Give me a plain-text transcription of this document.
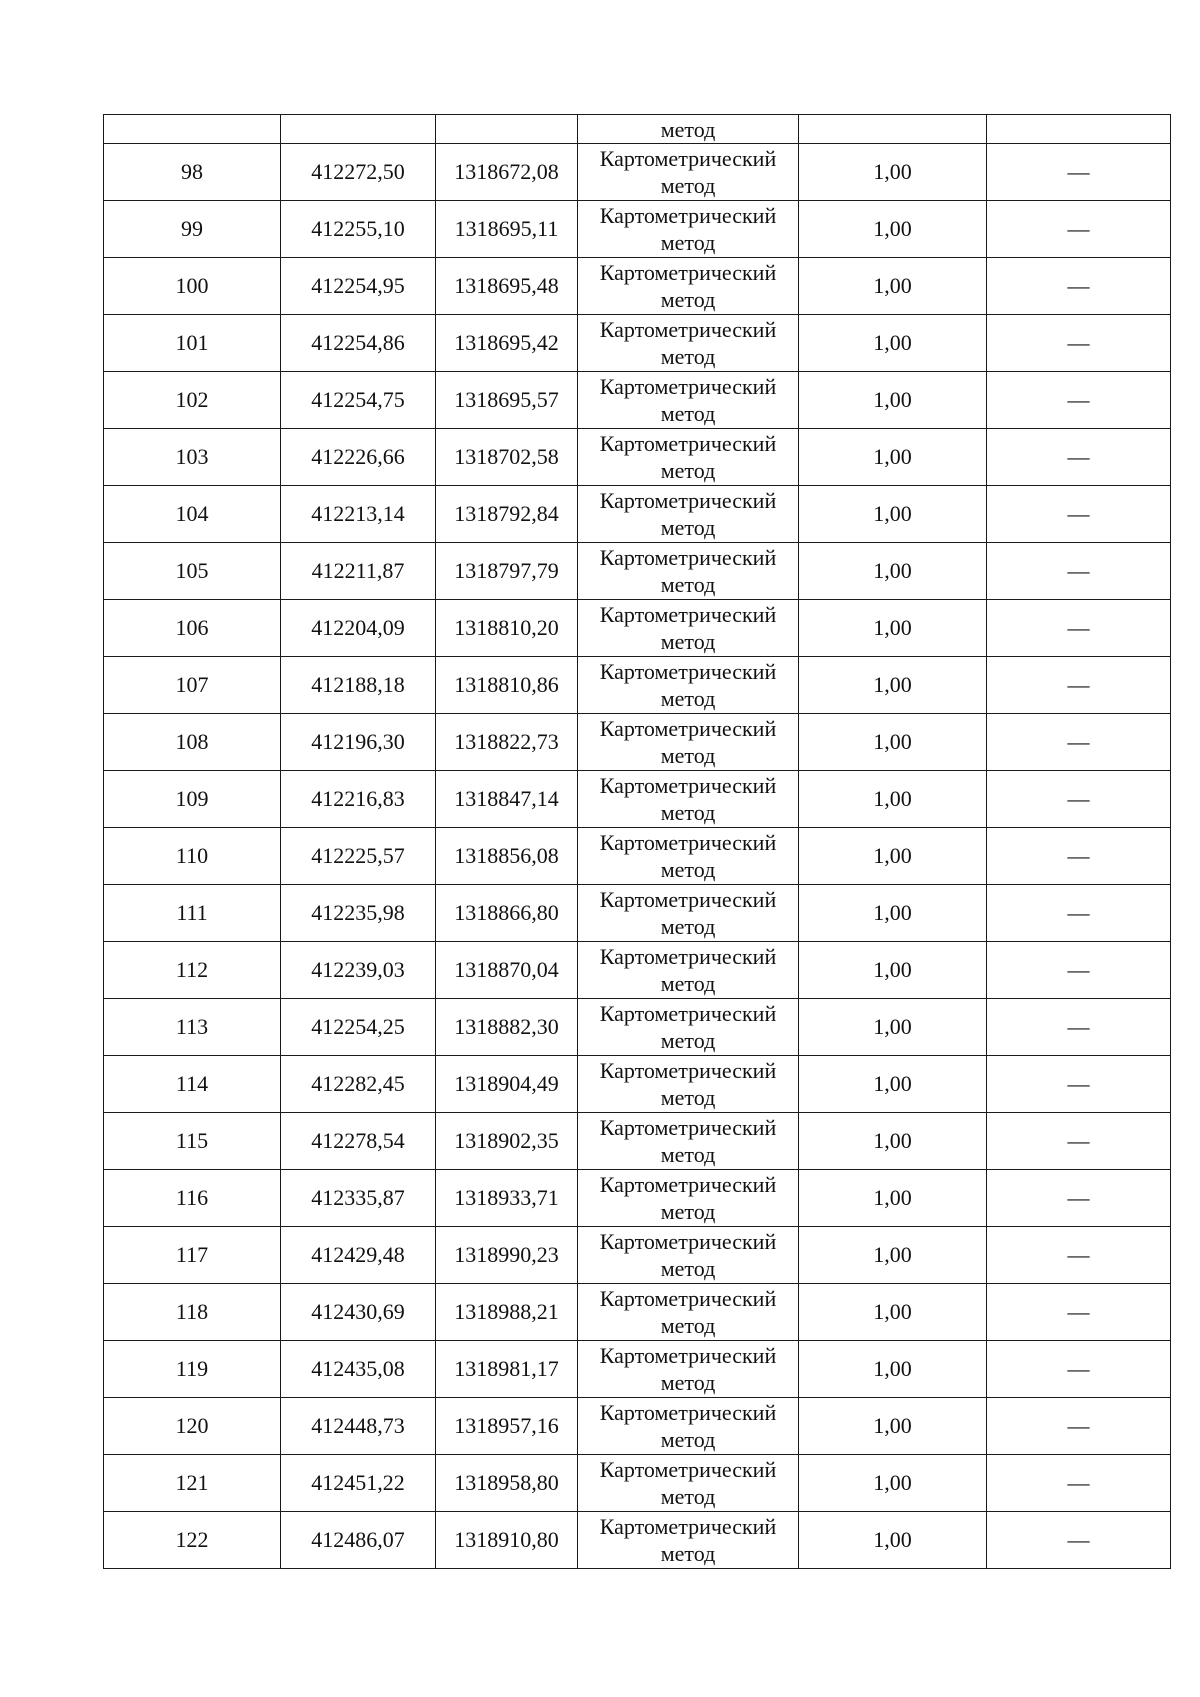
			метод		
98	412272,50	1318672,08	Картометрический метод	1,00	—
99	412255,10	1318695,11	Картометрический метод	1,00	—
100	412254,95	1318695,48	Картометрический метод	1,00	—
101	412254,86	1318695,42	Картометрический метод	1,00	—
102	412254,75	1318695,57	Картометрический метод	1,00	—
103	412226,66	1318702,58	Картометрический метод	1,00	—
104	412213,14	1318792,84	Картометрический метод	1,00	—
105	412211,87	1318797,79	Картометрический метод	1,00	—
106	412204,09	1318810,20	Картометрический метод	1,00	—
107	412188,18	1318810,86	Картометрический метод	1,00	—
108	412196,30	1318822,73	Картометрический метод	1,00	—
109	412216,83	1318847,14	Картометрический метод	1,00	—
110	412225,57	1318856,08	Картометрический метод	1,00	—
111	412235,98	1318866,80	Картометрический метод	1,00	—
112	412239,03	1318870,04	Картометрический метод	1,00	—
113	412254,25	1318882,30	Картометрический метод	1,00	—
114	412282,45	1318904,49	Картометрический метод	1,00	—
115	412278,54	1318902,35	Картометрический метод	1,00	—
116	412335,87	1318933,71	Картометрический метод	1,00	—
117	412429,48	1318990,23	Картометрический метод	1,00	—
118	412430,69	1318988,21	Картометрический метод	1,00	—
119	412435,08	1318981,17	Картометрический метод	1,00	—
120	412448,73	1318957,16	Картометрический метод	1,00	—
121	412451,22	1318958,80	Картометрический метод	1,00	—
122	412486,07	1318910,80	Картометрический метод	1,00	—
